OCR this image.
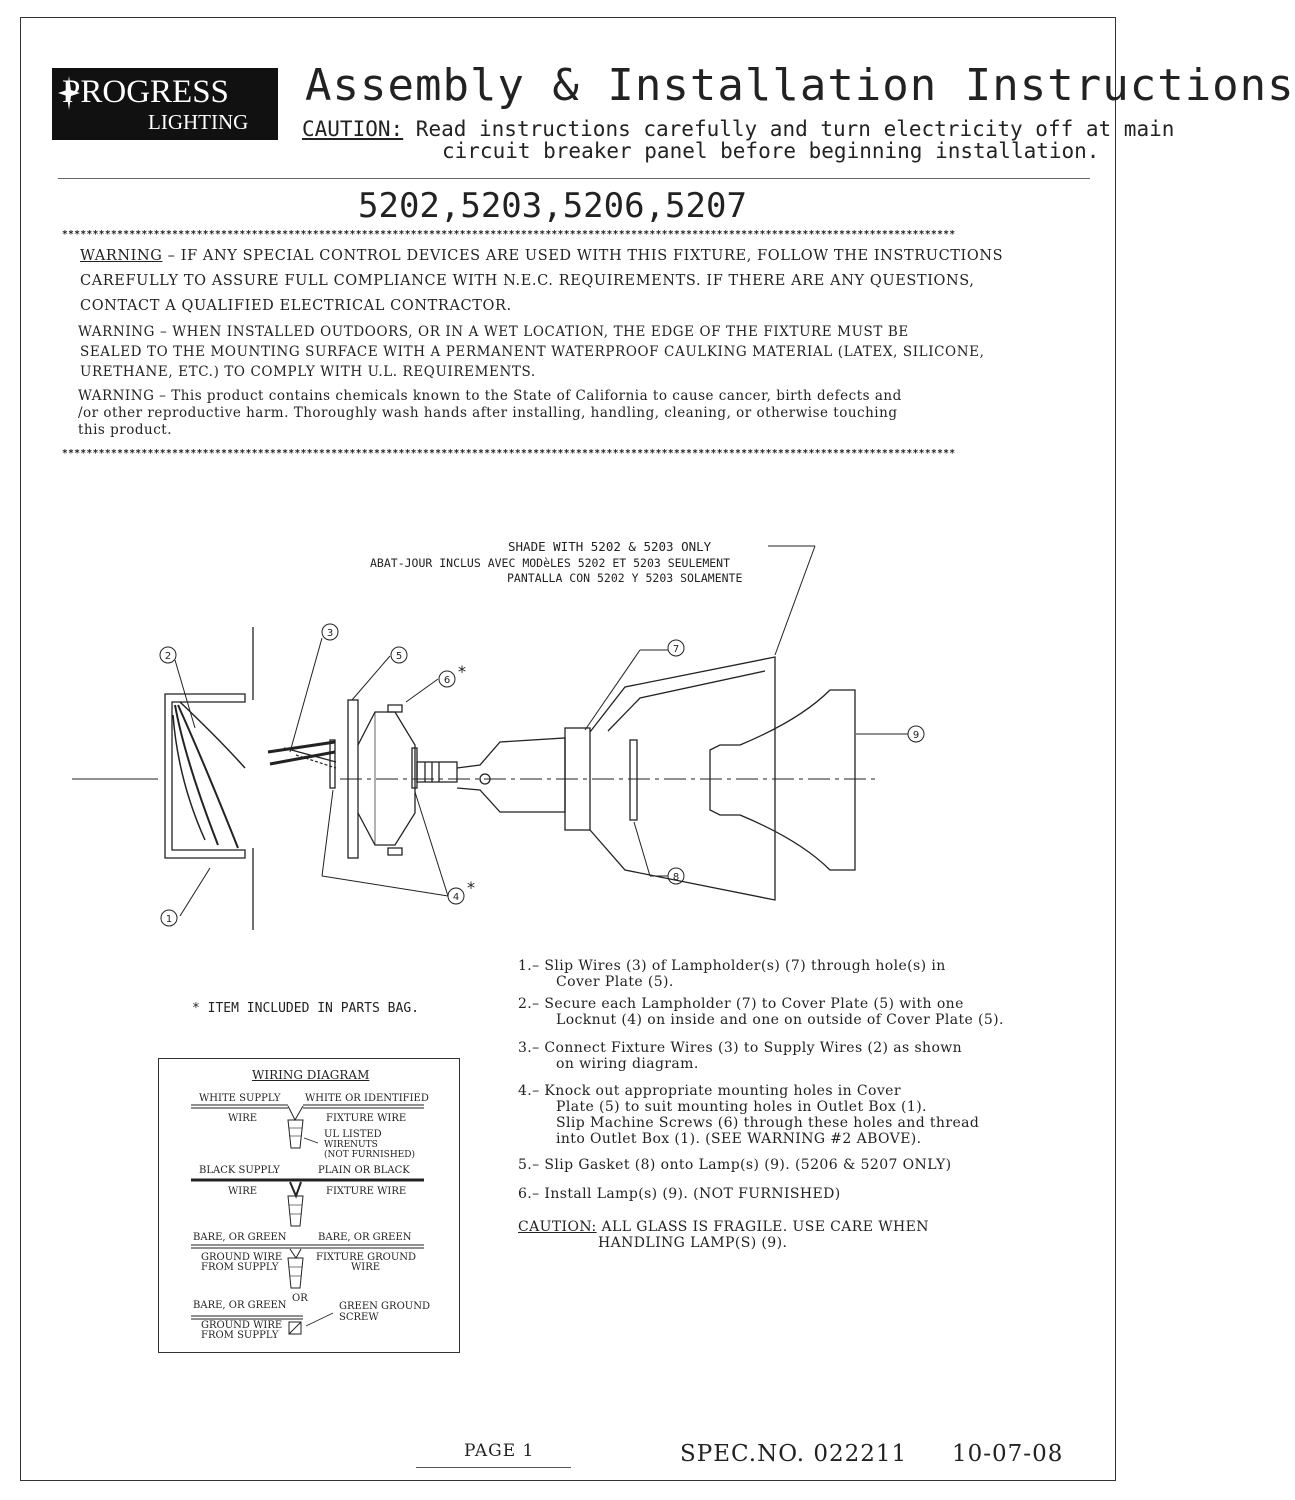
PROGRESS
LIGHTING
Assembly & Installation Instructions
CAUTION: Read instructions carefully and turn electricity off at main
circuit breaker panel before beginning installation.
5202,5203,5206,5207
**************************************************************************************************************************************************
WARNING – IF ANY SPECIAL CONTROL DEVICES ARE USED WITH THIS FIXTURE, FOLLOW THE INSTRUCTIONS
CAREFULLY TO ASSURE FULL COMPLIANCE WITH N.E.C. REQUIREMENTS. IF THERE ARE ANY QUESTIONS,
CONTACT A QUALIFIED ELECTRICAL CONTRACTOR.
WARNING – WHEN INSTALLED OUTDOORS, OR IN A WET LOCATION, THE EDGE OF THE FIXTURE MUST BE
SEALED TO THE MOUNTING SURFACE WITH A PERMANENT WATERPROOF CAULKING MATERIAL (LATEX, SILICONE,
URETHANE, ETC.) TO COMPLY WITH U.L. REQUIREMENTS.
WARNING – This product contains chemicals known to the State of California to cause cancer, birth defects and
/or other reproductive harm. Thoroughly wash hands after installing, handling, cleaning, or otherwise touching
this product.
**************************************************************************************************************************************************
SHADE WITH 5202 & 5203 ONLY
ABAT-JOUR INCLUS AVEC MODèLES 5202 ET 5203 SEULEMENT
PANTALLA CON 5202 Y 5203 SOLAMENTE
1
2
3
4
5
6
7
8
9
*
*
* ITEM INCLUDED IN PARTS BAG.
WIRING DIAGRAM
WHITE SUPPLY
WIRE
WHITE OR IDENTIFIED
FIXTURE WIRE
UL LISTED
WIRENUTS
(NOT FURNISHED)
BLACK SUPPLY	PLAIN OR BLACK
WIRE	FIXTURE WIRE
BARE, OR GREEN	BARE, OR GREEN
GROUND WIRE
FROM SUPPLY
FIXTURE GROUND
WIRE
OR
BARE, OR GREEN	GREEN GROUND
SCREW
GROUND WIRE
FROM SUPPLY
1.– Slip Wires (3) of Lampholder(s) (7) through hole(s) in
Cover Plate (5).
2.– Secure each Lampholder (7) to Cover Plate (5) with one
Locknut (4) on inside and one on outside of Cover Plate (5).
3.– Connect Fixture Wires (3) to Supply Wires (2) as shown
on wiring diagram.
4.– Knock out appropriate mounting holes in Cover
Plate (5) to suit mounting holes in Outlet Box (1).
Slip Machine Screws (6) through these holes and thread
into Outlet Box (1). (SEE WARNING #2 ABOVE).
5.– Slip Gasket (8) onto Lamp(s) (9). (5206 & 5207 ONLY)
6.– Install Lamp(s) (9). (NOT FURNISHED)
CAUTION: ALL GLASS IS FRAGILE. USE CARE WHEN
HANDLING LAMP(S) (9).
PAGE 1	SPEC.NO. 022211 10-07-08
